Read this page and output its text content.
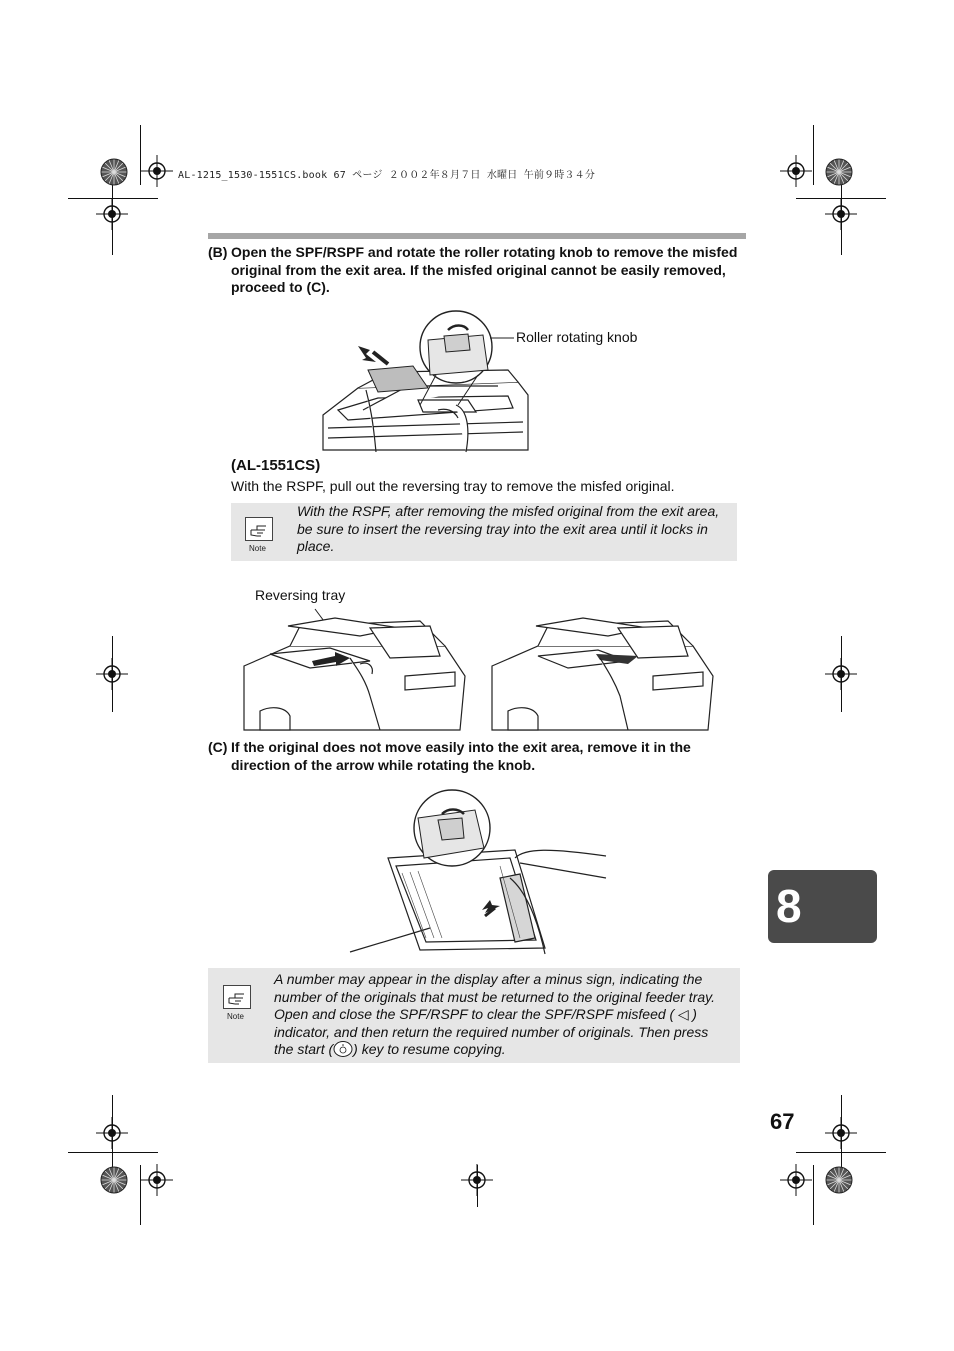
AL-1215_1530-1551CS.book 67 ページ ２００２年８月７日 水曜日 午前９時３４分
(B) Open the SPF/RSPF and rotate the roller rotating knob to remove the misfed original from the exit area. If the misfed original cannot be easily removed, proceed to (C).
Roller rotating knob
(AL-1551CS)
With the RSPF, pull out the reversing tray to remove the misfed original.
Note
With the RSPF, after removing the misfed original from the exit area, be sure to insert the reversing tray into the exit area until it locks in place.
Reversing tray
(C) If the original does not move easily into the exit area, remove it in the direction of the arrow while rotating the knob.
Note
A number may appear in the display after a minus sign, indicating the
number of the originals that must be returned to the original feeder tray.
Open and close the SPF/RSPF to clear the SPF/RSPF misfeed ( ◁ )
indicator, and then return the required number of originals. Then press
the start ( ) key to resume copying.
8
67
